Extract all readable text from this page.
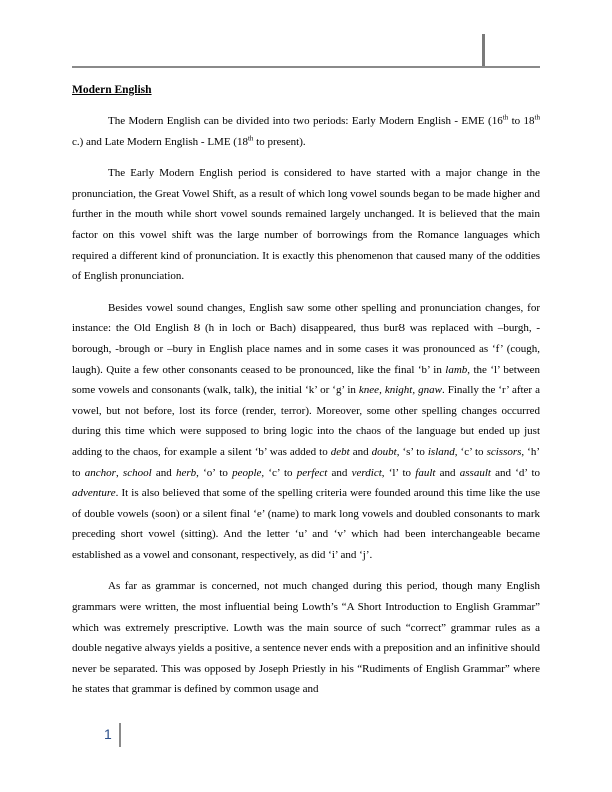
Modern English

The Modern English can be divided into two periods: Early Modern English - EME (16th to 18th c.) and Late Modern English - LME (18th to present).

The Early Modern English period is considered to have started with a major change in the pronunciation, the Great Vowel Shift, as a result of which long vowel sounds began to be made higher and further in the mouth while short vowel sounds remained largely unchanged. It is believed that the main factor on this vowel shift was the large number of borrowings from the Romance languages which required a different kind of pronunciation. It is exactly this phenomenon that caused many of the oddities of English pronunciation.

Besides vowel sound changes, English saw some other spelling and pronunciation changes, for instance: the Old English Ȣ (h in loch or Bach) disappeared, thus burȢ was replaced with –burgh, -borough, -brough or –bury in English place names and in some cases it was pronounced as ‘f’ (cough, laugh). Quite a few other consonants ceased to be pronounced, like the final ‘b’ in lamb, the ‘l’ between some vowels and consonants (walk, talk), the initial ‘k’ or ‘g’ in knee, knight, gnaw. Finally the ‘r’ after a vowel, but not before, lost its force (render, terror). Moreover, some other spelling changes occurred during this time which were supposed to bring logic into the chaos of the language but ended up just adding to the chaos, for example a silent ‘b’ was added to debt and doubt, ‘s’ to island, ‘c’ to scissors, ‘h’ to anchor, school and herb, ‘o’ to people, ‘c’ to perfect and verdict, ‘l’ to fault and assault and ‘d’ to adventure. It is also believed that some of the spelling criteria were founded around this time like the use of double vowels (soon) or a silent final ‘e’ (name) to mark long vowels and doubled consonants to mark preceding short vowel (sitting). And the letter ‘u’ and ‘v’ which had been interchangeable became established as a vowel and consonant, respectively, as did ‘i’ and ‘j’.

As far as grammar is concerned, not much changed during this period, though many English grammars were written, the most influential being Lowth’s “A Short Introduction to English Grammar” which was extremely prescriptive. Lowth was the main source of such “correct” grammar rules as a double negative always yields a positive, a sentence never ends with a preposition and an infinitive should never be separated. This was opposed by Joseph Priestly in his “Rudiments of English Grammar” where he states that grammar is defined by common usage and

1
